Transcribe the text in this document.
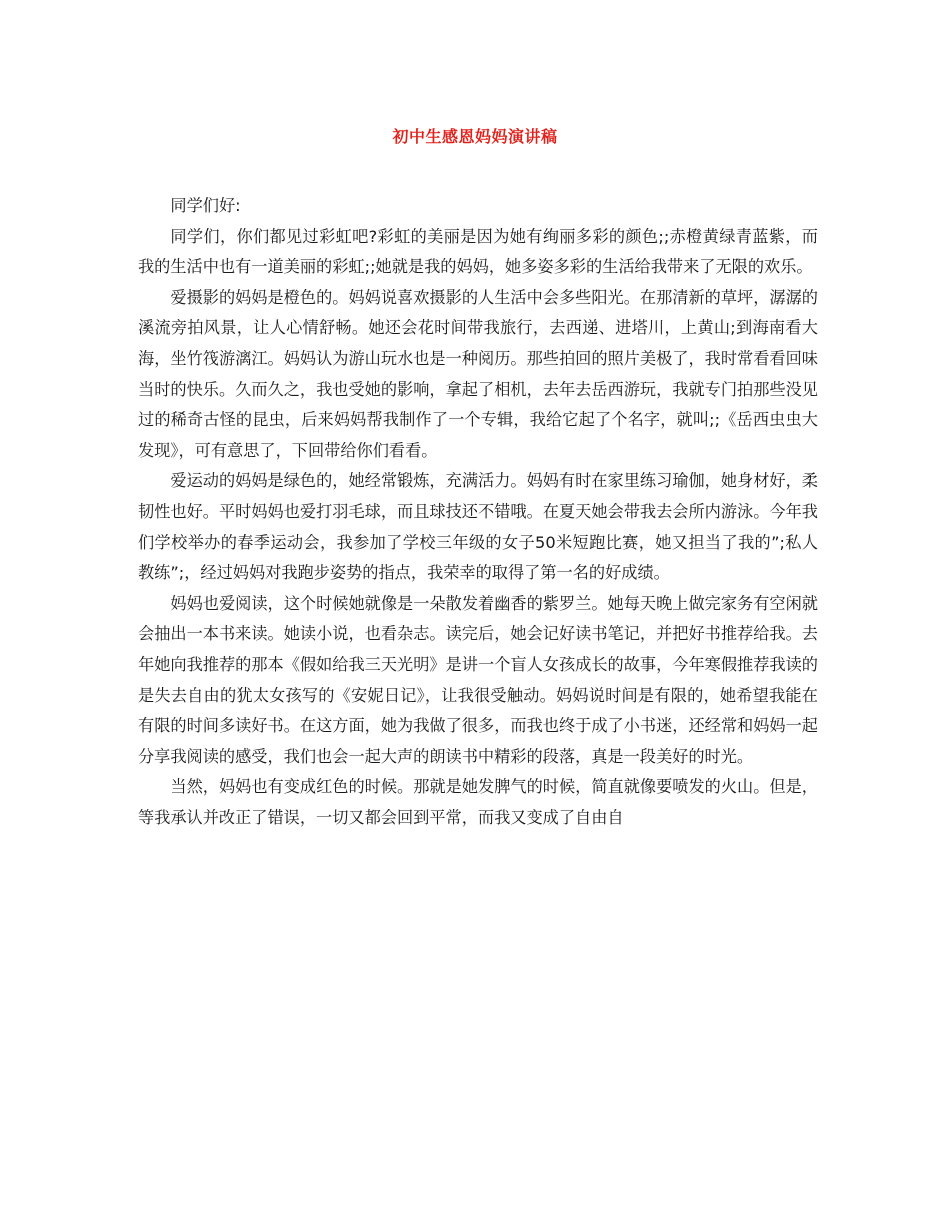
初中生感恩妈妈演讲稿

同学们好:

同学们，你们都见过彩虹吧?彩虹的美丽是因为她有绚丽多彩的颜色;;赤橙黄绿青蓝紫，而我的生活中也有一道美丽的彩虹;;她就是我的妈妈，她多姿多彩的生活给我带来了无限的欢乐。

爱摄影的妈妈是橙色的。妈妈说喜欢摄影的人生活中会多些阳光。在那清新的草坪，潺潺的溪流旁拍风景，让人心情舒畅。她还会花时间带我旅行，去西递、进塔川，上黄山;到海南看大海，坐竹筏游漓江。妈妈认为游山玩水也是一种阅历。那些拍回的照片美极了，我时常看看回味当时的快乐。久而久之，我也受她的影响，拿起了相机，去年去岳西游玩，我就专门拍那些没见过的稀奇古怪的昆虫，后来妈妈帮我制作了一个专辑，我给它起了个名字，就叫;;《岳西虫虫大发现》，可有意思了，下回带给你们看看。

爱运动的妈妈是绿色的，她经常锻炼，充满活力。妈妈有时在家里练习瑜伽，她身材好，柔韧性也好。平时妈妈也爱打羽毛球，而且球技还不错哦。在夏天她会带我去会所内游泳。今年我们学校举办的春季运动会，我参加了学校三年级的女子50米短跑比赛，她又担当了我的”;私人教练”;，经过妈妈对我跑步姿势的指点，我荣幸的取得了第一名的好成绩。

妈妈也爱阅读，这个时候她就像是一朵散发着幽香的紫罗兰。她每天晚上做完家务有空闲就会抽出一本书来读。她读小说，也看杂志。读完后，她会记好读书笔记，并把好书推荐给我。去年她向我推荐的那本《假如给我三天光明》是讲一个盲人女孩成长的故事，今年寒假推荐我读的是失去自由的犹太女孩写的《安妮日记》，让我很受触动。妈妈说时间是有限的，她希望我能在有限的时间多读好书。在这方面，她为我做了很多，而我也终于成了小书迷，还经常和妈妈一起分享我阅读的感受，我们也会一起大声的朗读书中精彩的段落，真是一段美好的时光。

当然，妈妈也有变成红色的时候。那就是她发脾气的时候，简直就像要喷发的火山。但是，等我承认并改正了错误，一切又都会回到平常，而我又变成了自由自
